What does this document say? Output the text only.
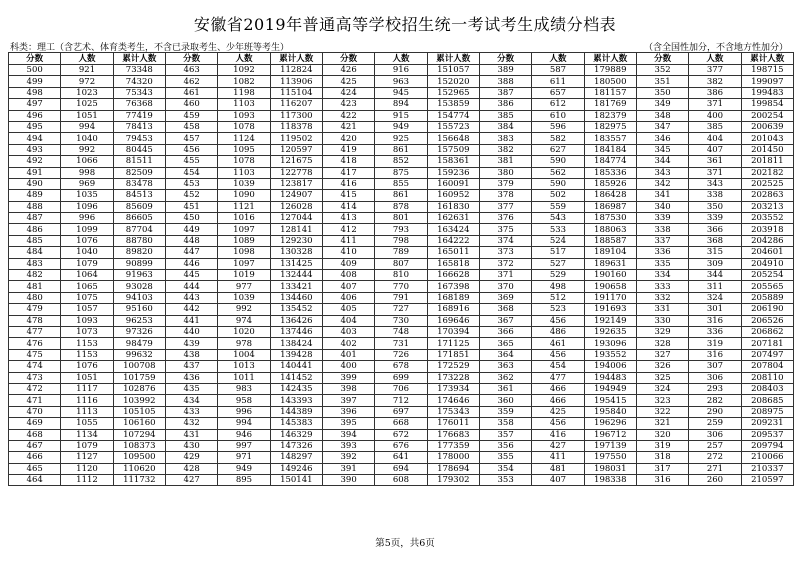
安徽省2019年普通高等学校招生统一考试考生成绩分档表
科类：理工（含艺术、体育类考生，不含已录取考生、少年班等考生）	（含全国性加分，不含地方性加分）
分数	人数	累计人数	分数	人数	累计人数	分数	人数	累计人数	分数	人数	累计人数	分数	人数	累计人数
500	921	73348	463	1092	112824	426	916	151057	389	587	179889	352	377	198715
499	972	74320	462	1082	113906	425	963	152020	388	611	180500	351	382	199097
498	1023	75343	461	1198	115104	424	945	152965	387	657	181157	350	386	199483
497	1025	76368	460	1103	116207	423	894	153859	386	612	181769	349	371	199854
496	1051	77419	459	1093	117300	422	915	154774	385	610	182379	348	400	200254
495	994	78413	458	1078	118378	421	949	155723	384	596	182975	347	385	200639
494	1040	79453	457	1124	119502	420	925	156648	383	582	183557	346	404	201043
493	992	80445	456	1095	120597	419	861	157509	382	627	184184	345	407	201450
492	1066	81511	455	1078	121675	418	852	158361	381	590	184774	344	361	201811
491	998	82509	454	1103	122778	417	875	159236	380	562	185336	343	371	202182
490	969	83478	453	1039	123817	416	855	160091	379	590	185926	342	343	202525
489	1035	84513	452	1090	124907	415	861	160952	378	502	186428	341	338	202863
488	1096	85609	451	1121	126028	414	878	161830	377	559	186987	340	350	203213
487	996	86605	450	1016	127044	413	801	162631	376	543	187530	339	339	203552
486	1099	87704	449	1097	128141	412	793	163424	375	533	188063	338	366	203918
485	1076	88780	448	1089	129230	411	798	164222	374	524	188587	337	368	204286
484	1040	89820	447	1098	130328	410	789	165011	373	517	189104	336	315	204601
483	1079	90899	446	1097	131425	409	807	165818	372	527	189631	335	309	204910
482	1064	91963	445	1019	132444	408	810	166628	371	529	190160	334	344	205254
481	1065	93028	444	977	133421	407	770	167398	370	498	190658	333	311	205565
480	1075	94103	443	1039	134460	406	791	168189	369	512	191170	332	324	205889
479	1057	95160	442	992	135452	405	727	168916	368	523	191693	331	301	206190
478	1093	96253	441	974	136426	404	730	169646	367	456	192149	330	316	206526
477	1073	97326	440	1020	137446	403	748	170394	366	486	192635	329	336	206862
476	1153	98479	439	978	138424	402	731	171125	365	461	193096	328	319	207181
475	1153	99632	438	1004	139428	401	726	171851	364	456	193552	327	316	207497
474	1076	100708	437	1013	140441	400	678	172529	363	454	194006	326	307	207804
473	1051	101759	436	1011	141452	399	699	173228	362	477	194483	325	306	208110
472	1117	102876	435	983	142435	398	706	173934	361	466	194949	324	293	208403
471	1116	103992	434	958	143393	397	712	174646	360	466	195415	323	282	208685
470	1113	105105	433	996	144389	396	697	175343	359	425	195840	322	290	208975
469	1055	106160	432	994	145383	395	668	176011	358	456	196296	321	259	209231
468	1134	107294	431	946	146329	394	672	176683	357	416	196712	320	306	209537
467	1079	108373	430	997	147326	393	676	177359	356	427	197139	319	257	209794
466	1127	109500	429	971	148297	392	641	178000	355	411	197550	318	272	210066
465	1120	110620	428	949	149246	391	694	178694	354	481	198031	317	271	210337
464	1112	111732	427	895	150141	390	608	179302	353	407	198338	316	260	210597
第5页，共6页
